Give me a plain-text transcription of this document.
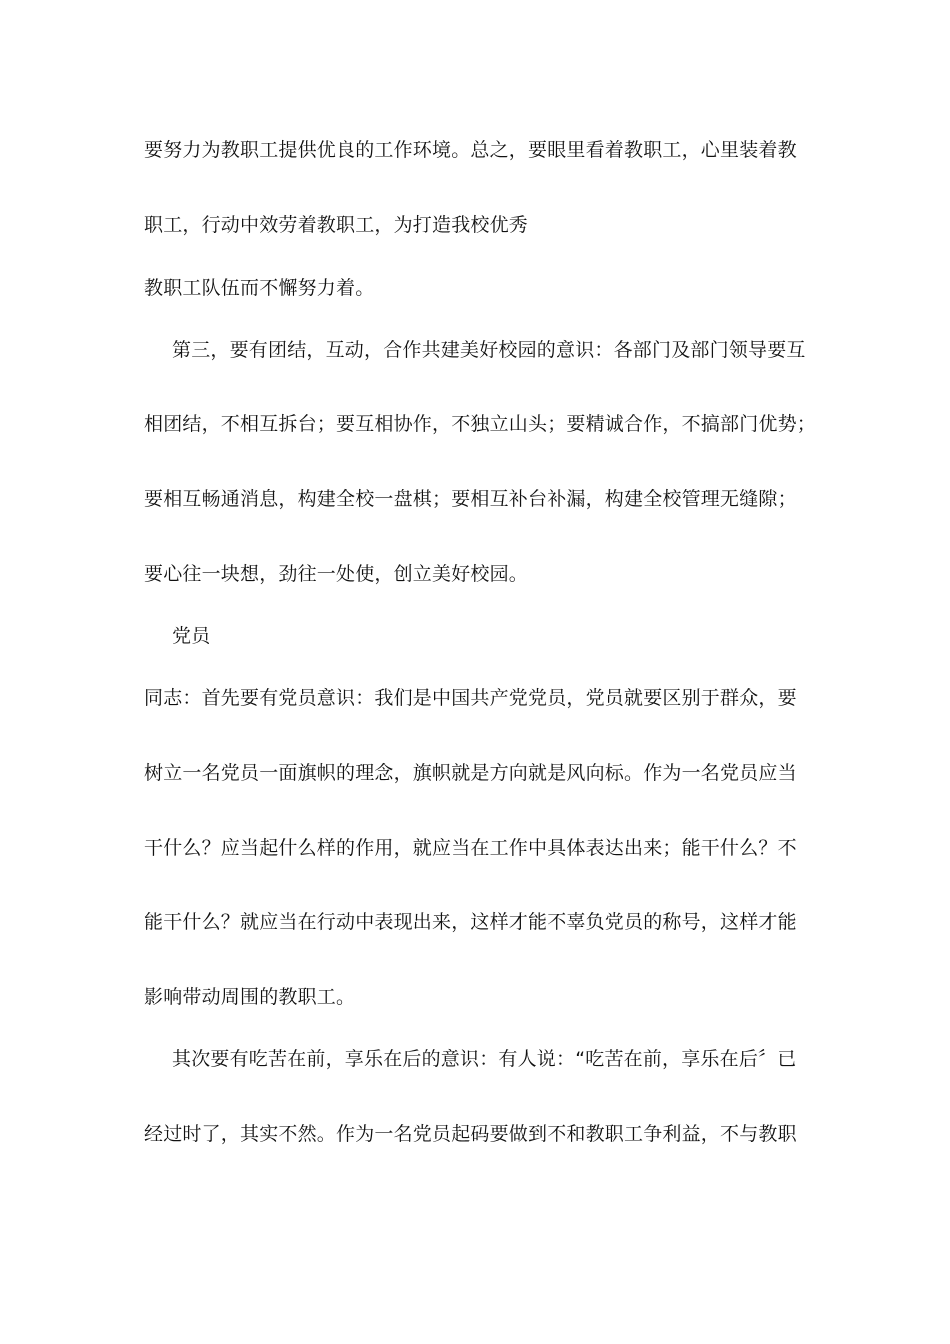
要努力为教职工提供优良的工作环境。总之，要眼里看着教职工，心里装着教
职工，行动中效劳着教职工，为打造我校优秀
教职工队伍而不懈努力着。
第三，要有团结，互动，合作共建美好校园的意识：各部门及部门领导要互
相团结，不相互拆台；要互相协作，不独立山头；要精诚合作，不搞部门优势；
要相互畅通消息，构建全校一盘棋；要相互补台补漏，构建全校管理无缝隙；
要心往一块想，劲往一处使，创立美好校园。
党员
同志：首先要有党员意识：我们是中国共产党党员，党员就要区别于群众，要
树立一名党员一面旗帜的理念，旗帜就是方向就是风向标。作为一名党员应当
干什么？应当起什么样的作用，就应当在工作中具体表达出来；能干什么？不
能干什么？就应当在行动中表现出来，这样才能不辜负党员的称号，这样才能
影响带动周围的教职工。
其次要有吃苦在前，享乐在后的意识：有人说：“吃苦在前，享乐在后〞已
经过时了，其实不然。作为一名党员起码要做到不和教职工争利益，不与教职
